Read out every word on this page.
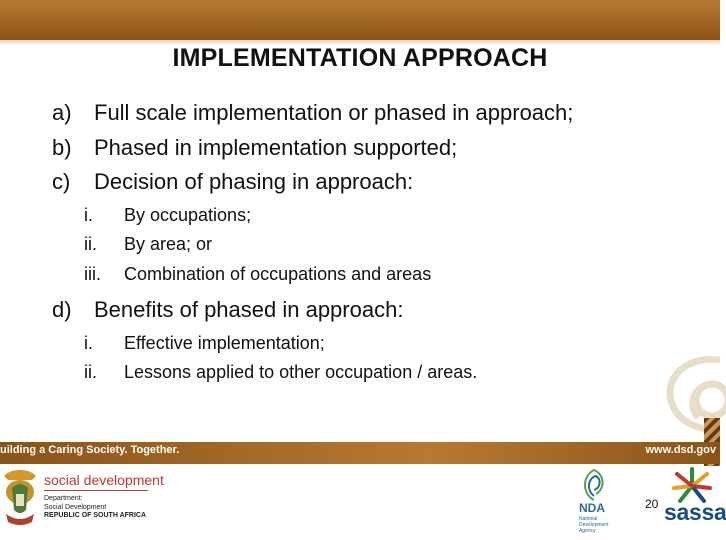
IMPLEMENTATION APPROACH
a) Full scale implementation or phased in approach;
b) Phased in implementation supported;
c) Decision of phasing in approach:
i. By occupations;
ii. By area; or
iii. Combination of occupations and areas
d) Benefits of phased in approach:
i. Effective implementation;
ii. Lessons applied to other occupation / areas.
uilding a Caring Society. Together.	www.dsd.gov
social development
Department:
Social Development
REPUBLIC OF SOUTH AFRICA
NDA
National
Development
Agency
20 sassa
